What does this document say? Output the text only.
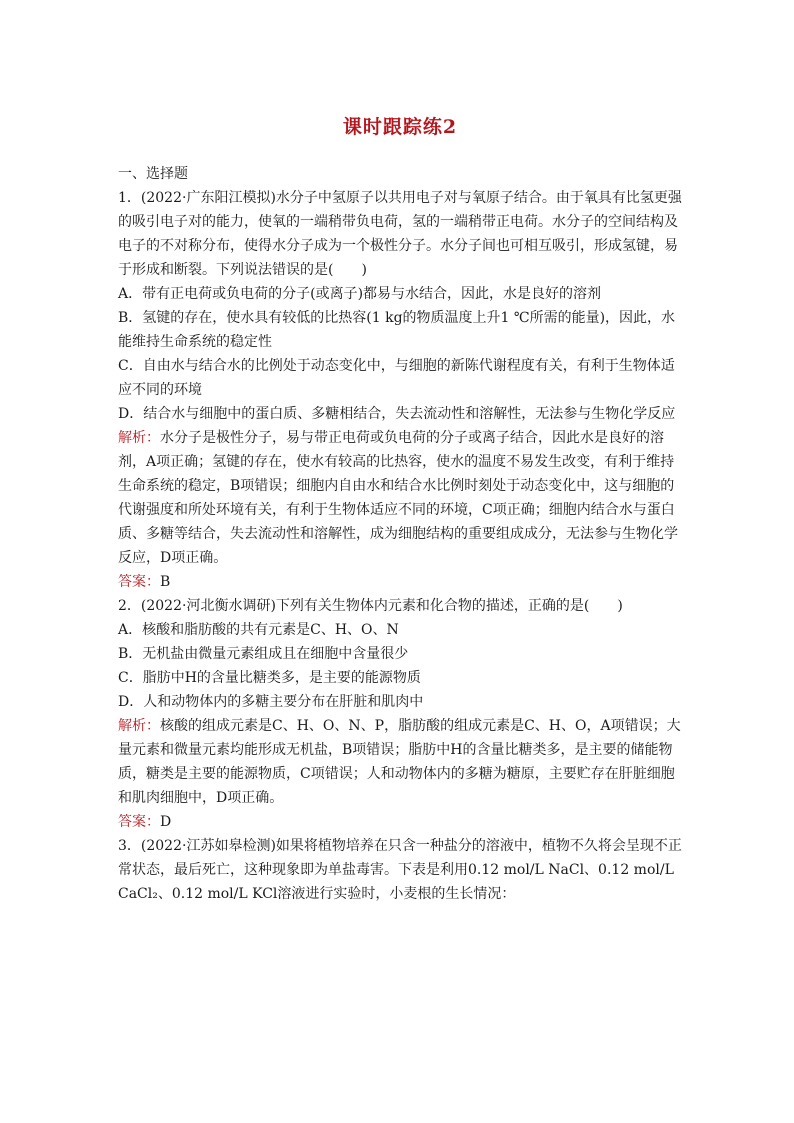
课时跟踪练2

一、选择题

1．(2022·广东阳江模拟)水分子中氢原子以共用电子对与氧原子结合。由于氧具有比氢更强的吸引电子对的能力，使氧的一端稍带负电荷，氢的一端稍带正电荷。水分子的空间结构及电子的不对称分布，使得水分子成为一个极性分子。水分子间也可相互吸引，形成氢键，易于形成和断裂。下列说法错误的是(　　)

A．带有正电荷或负电荷的分子(或离子)都易与水结合，因此，水是良好的溶剂

B．氢键的存在，使水具有较低的比热容(1 kg的物质温度上升1 ℃所需的能量)，因此，水能维持生命系统的稳定性

C．自由水与结合水的比例处于动态变化中，与细胞的新陈代谢程度有关，有利于生物体适应不同的环境

D．结合水与细胞中的蛋白质、多糖相结合，失去流动性和溶解性，无法参与生物化学反应

解析：水分子是极性分子，易与带正电荷或负电荷的分子或离子结合，因此水是良好的溶剂，A项正确；氢键的存在，使水有较高的比热容，使水的温度不易发生改变，有利于维持生命系统的稳定，B项错误；细胞内自由水和结合水比例时刻处于动态变化中，这与细胞的代谢强度和所处环境有关，有利于生物体适应不同的环境，C项正确；细胞内结合水与蛋白质、多糖等结合，失去流动性和溶解性，成为细胞结构的重要组成成分，无法参与生物化学反应，D项正确。

答案：B

2．(2022·河北衡水调研)下列有关生物体内元素和化合物的描述，正确的是(　　)

A．核酸和脂肪酸的共有元素是C、H、O、N

B．无机盐由微量元素组成且在细胞中含量很少

C．脂肪中H的含量比糖类多，是主要的能源物质

D．人和动物体内的多糖主要分布在肝脏和肌肉中

解析：核酸的组成元素是C、H、O、N、P，脂肪酸的组成元素是C、H、O，A项错误；大量元素和微量元素均能形成无机盐，B项错误；脂肪中H的含量比糖类多，是主要的储能物质，糖类是主要的能源物质，C项错误；人和动物体内的多糖为糖原，主要贮存在肝脏细胞和肌肉细胞中，D项正确。

答案：D

3．(2022·江苏如皋检测)如果将植物培养在只含一种盐分的溶液中，植物不久将会呈现不正常状态，最后死亡，这种现象即为单盐毒害。下表是利用0.12 mol/L NaCl、0.12 mol/L CaCl₂、0.12 mol/L KCl溶液进行实验时，小麦根的生长情况：
